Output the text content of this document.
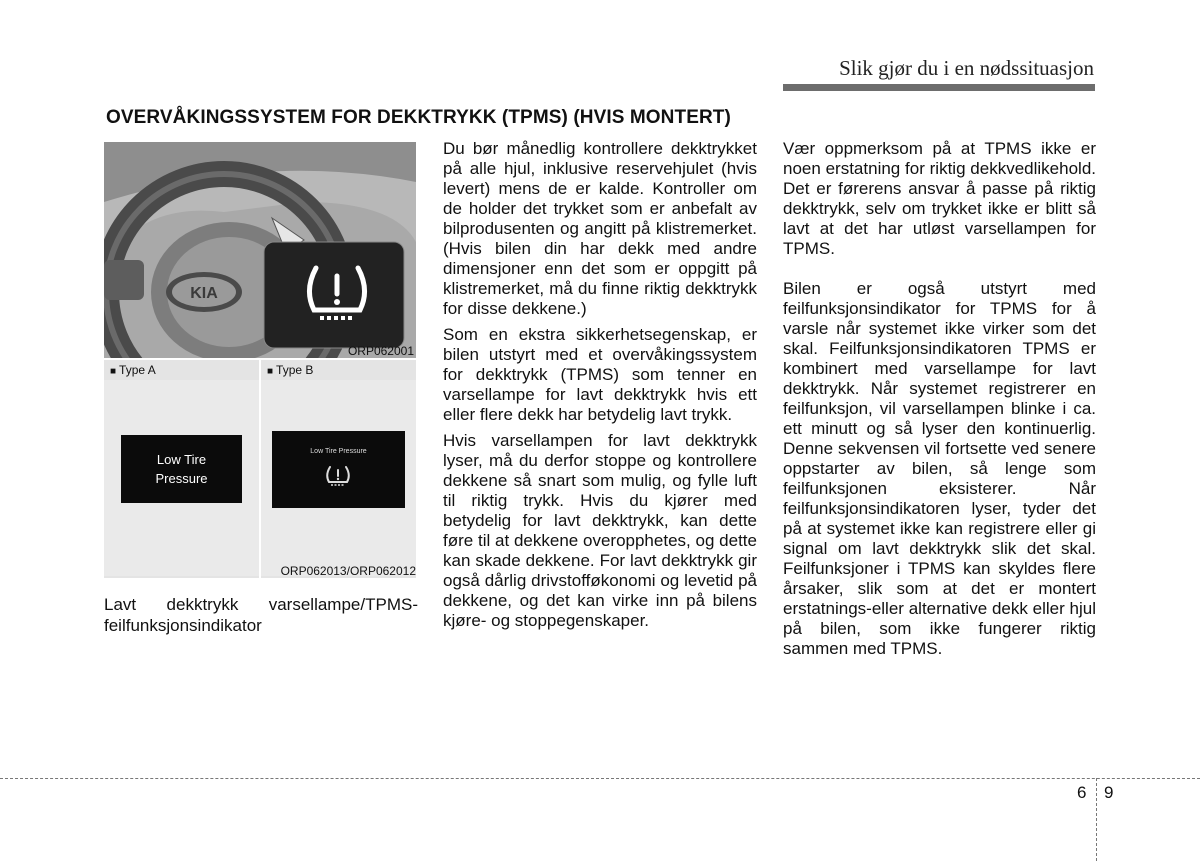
Slik gjør du i en nødssituasjon
OVERVÅKINGSSYSTEM FOR DEKKTRYKK (TPMS) (HVIS MONTERT)
KIA
ORP062001
■ Type A
Low Tire
Pressure
■ Type B
Low Tire Pressure
ORP062013/ORP062012
Lavt dekktrykk varsellampe/TPMS-feilfunksjonsindikator

Du bør månedlig kontrollere dekktrykket på alle hjul, inklusive reservehjulet (hvis levert) mens de er kalde. Kontroller om de holder det trykket som er anbefalt av bilprodusenten og angitt på klistremerket. (Hvis bilen din har dekk med andre dimensjoner enn det som er oppgitt på klistremerket, må du finne riktig dekktrykk for disse dekkene.)

Som en ekstra sikkerhetsegenskap, er bilen utstyrt med et overvåkingssystem for dekktrykk (TPMS) som tenner en varsellampe for lavt dekktrykk hvis ett eller flere dekk har betydelig lavt trykk.

Hvis varsellampen for lavt dekktrykk lyser, må du derfor stoppe og kontrollere dekkene så snart som mulig, og fylle luft til riktig trykk. Hvis du kjører med betydelig for lavt dekktrykk, kan dette føre til at dekkene overopphetes, og dette kan skade dekkene. For lavt dekktrykk gir også dårlig drivstofføkonomi og levetid på dekkene, og det kan virke inn på bilens kjøre- og stoppegenskaper.

Vær oppmerksom på at TPMS ikke er noen erstatning for riktig dekkvedlikehold. Det er førerens ansvar å passe på riktig dekktrykk, selv om trykket ikke er blitt så lavt at det har utløst varsellampen for TPMS.

Bilen er også utstyrt med feilfunksjonsindikator for TPMS for å varsle når systemet ikke virker som det skal. Feilfunksjonsindikatoren TPMS er kombinert med varsellampe for lavt dekktrykk. Når systemet registrerer en feilfunksjon, vil varsellampen blinke i ca. ett minutt og så lyser den kontinuerlig. Denne sekvensen vil fortsette ved senere oppstarter av bilen, så lenge som feilfunksjonen eksisterer. Når feilfunksjonsindikatoren lyser, tyder det på at systemet ikke kan registrere eller gi signal om lavt dekktrykk slik det skal. Feilfunksjoner i TPMS kan skyldes flere årsaker, slik som at det er montert erstatnings-eller alternative dekk eller hjul på bilen, som ikke fungerer riktig sammen med TPMS.

6 9
